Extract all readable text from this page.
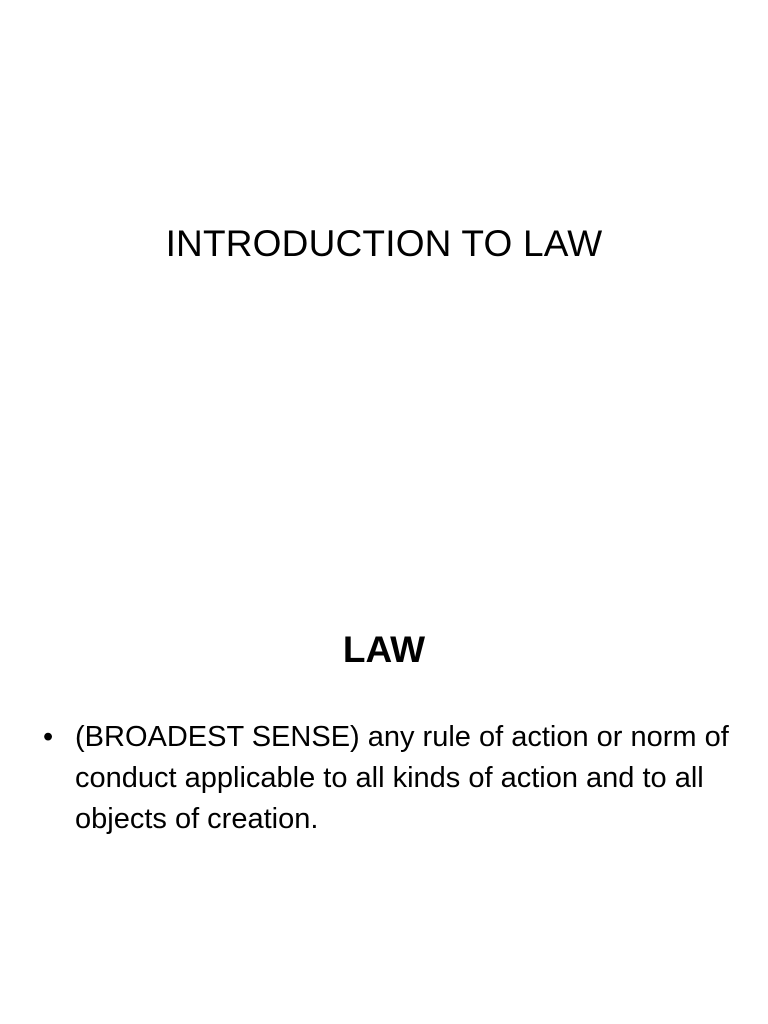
INTRODUCTION TO LAW
LAW
• (BROADEST SENSE) any rule of action or norm of conduct applicable to all kinds of action and to all objects of creation.
